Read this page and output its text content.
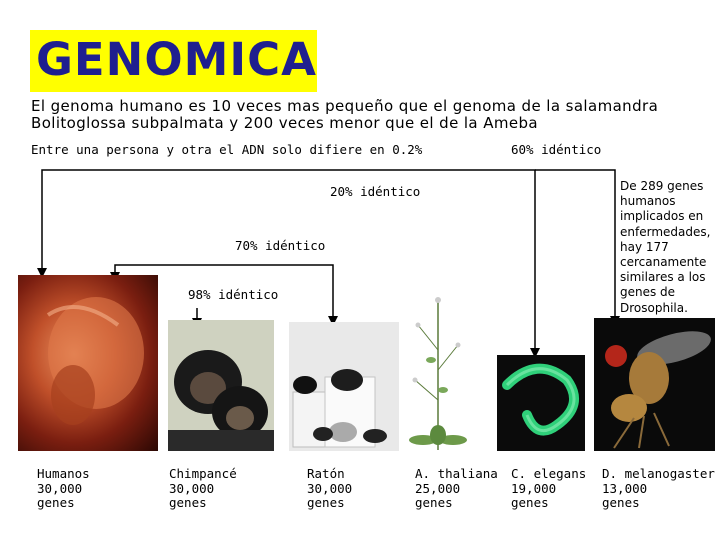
GENOMICA
El genoma humano es 10 veces mas pequeño que el genoma de la salamandra
Bolitoglossa subpalmata y 200 veces menor que el de la Ameba
Entre una persona y otra el ADN solo difiere en 0.2%	60% idéntico
20% idéntico
70% idéntico
98% idéntico
De 289 genes humanos implicados en enfermedades, hay 177 cercanamente similares a los genes de Drosophila.
Humanos
30,000
genes
Chimpancé
30,000
genes
Ratón
30,000
genes
A. thaliana
25,000
genes
C. elegans
19,000
genes
D. melanogaster
13,000
genes
